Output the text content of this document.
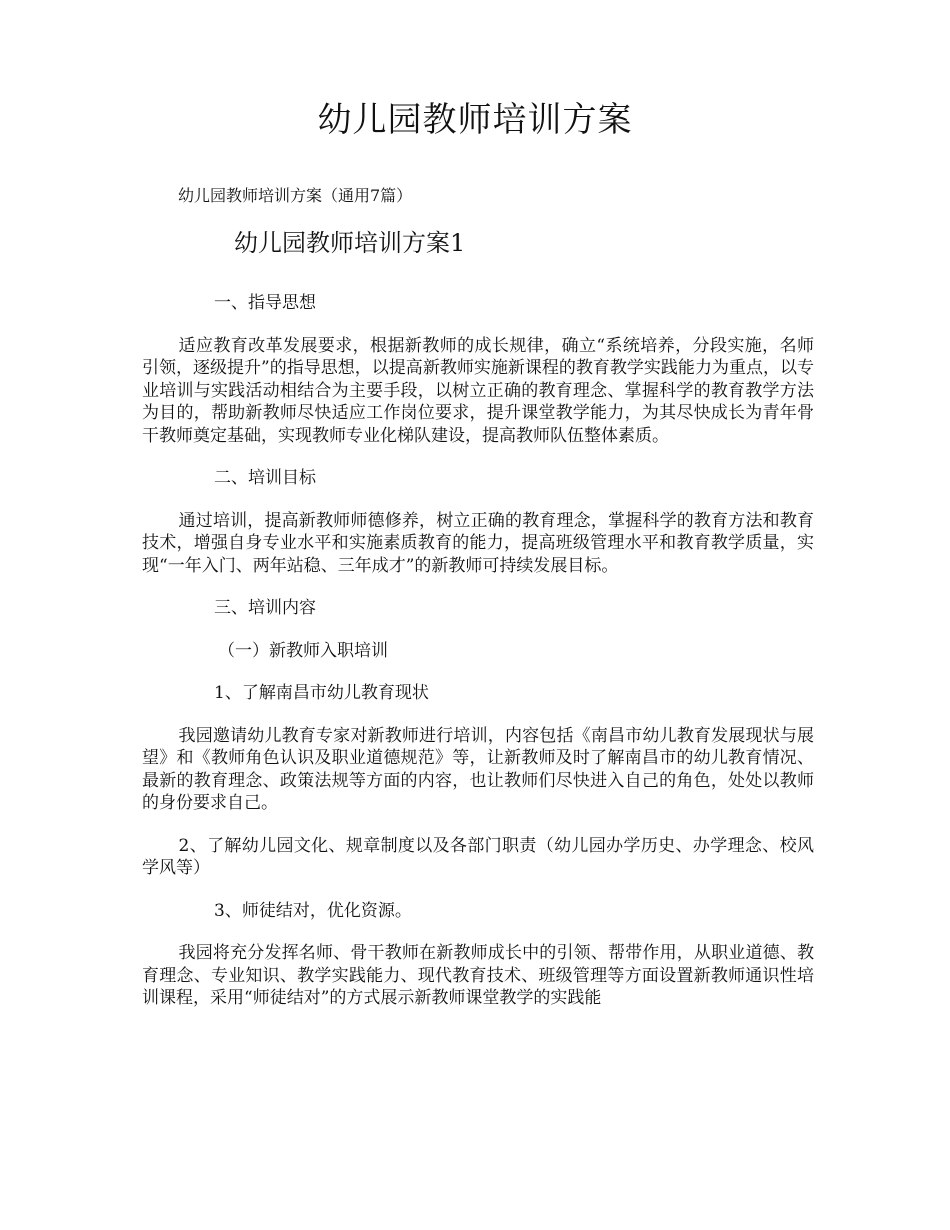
幼儿园教师培训方案

幼儿园教师培训方案（通用7篇）

幼儿园教师培训方案1

一、指导思想

适应教育改革发展要求，根据新教师的成长规律，确立“系统培养，分段实施，名师引领，逐级提升”的指导思想，以提高新教师实施新课程的教育教学实践能力为重点，以专业培训与实践活动相结合为主要手段，以树立正确的教育理念、掌握科学的教育教学方法为目的，帮助新教师尽快适应工作岗位要求，提升课堂教学能力，为其尽快成长为青年骨干教师奠定基础，实现教师专业化梯队建设，提高教师队伍整体素质。

二、培训目标

通过培训，提高新教师师德修养，树立正确的教育理念，掌握科学的教育方法和教育技术，增强自身专业水平和实施素质教育的能力，提高班级管理水平和教育教学质量，实现“一年入门、两年站稳、三年成才”的新教师可持续发展目标。

三、培训内容

（一）新教师入职培训

1、了解南昌市幼儿教育现状

我园邀请幼儿教育专家对新教师进行培训，内容包括《南昌市幼儿教育发展现状与展望》和《教师角色认识及职业道德规范》等，让新教师及时了解南昌市的幼儿教育情况、最新的教育理念、政策法规等方面的内容，也让教师们尽快进入自己的角色，处处以教师的身份要求自己。

2、了解幼儿园文化、规章制度以及各部门职责（幼儿园办学历史、办学理念、校风学风等）

3、师徒结对，优化资源。

我园将充分发挥名师、骨干教师在新教师成长中的引领、帮带作用，从职业道德、教育理念、专业知识、教学实践能力、现代教育技术、班级管理等方面设置新教师通识性培训课程，采用“师徒结对”的方式展示新教师课堂教学的实践能
